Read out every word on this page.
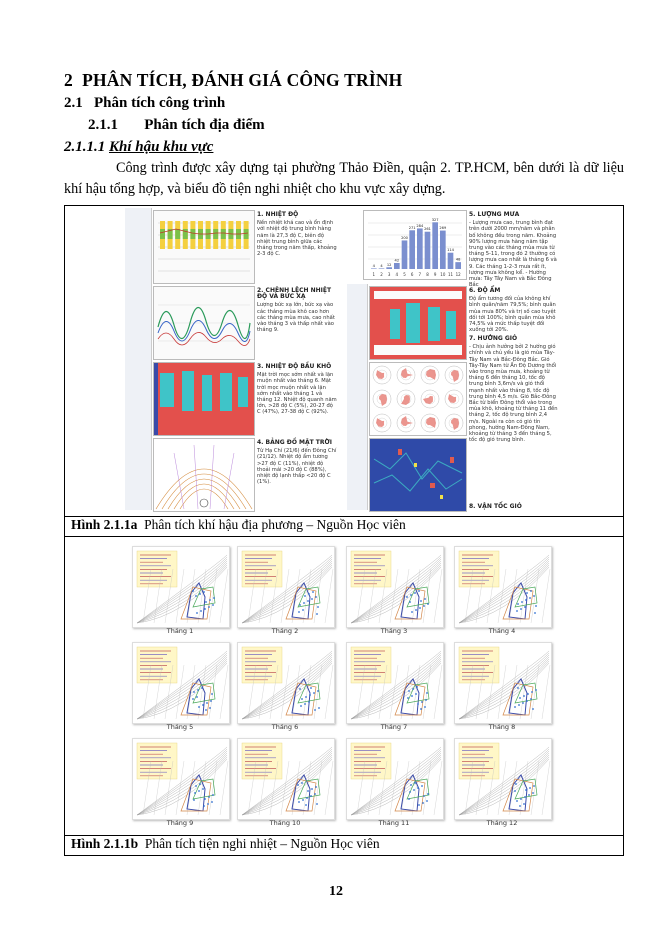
2 PHÂN TÍCH, ĐÁNH GIÁ CÔNG TRÌNH
2.1 Phân tích công trình
2.1.1 Phân tích địa điểm
2.1.1.1 Khí hậu khu vực
Công trình được xây dựng tại phường Thảo Điền, quận 2. TP.HCM, bên dưới là dữ liệu khí hậu tổng hợp, và biểu đồ tiện nghi nhiệt cho khu vực xây dựng.
1. NHIỆT ĐỘ
Nền nhiệt khá cao và ổn định với nhiệt độ trung bình hàng năm là 27,3 độ C, biên độ nhiệt trung bình giữa các tháng trong năm thấp, khoảng 2-3 độ C.
2. CHÊNH LỆCH NHIỆT ĐỘ VÀ BỨC XẠ
Lượng bức xạ lớn, bức xạ vào các tháng mùa khô cao hơn các tháng mùa mưa, cao nhất vào tháng 3 và thấp nhất vào tháng 9.
3. NHIỆT ĐỘ BẦU KHÔ
Mặt trời mọc sớm nhất và lặn muộn nhất vào tháng 6. Mặt trời mọc muộn nhất và lặn sớm nhất vào tháng 1 và tháng 12. Nhiệt độ quanh năm lớn, >28 độ C (5%), 20-27 độ C (47%), 27-38 độ C (92%).
4. BẢNG ĐỒ MẶT TRỜI
Từ Hạ Chí (21/6) đến Đông Chí (21/12). Nhiệt độ ẩm tương >27 độ C (11%), nhiệt độ thoải mái >20 độ C (88%), nhiệt độ lạnh thấp <20 độ C (1%).
4 4 12
42
200
271 284
261
327
269
114
48
1 2 3 4 5 6 7 8 9 10 11 12
5. LƯỢNG MƯA
- Lượng mưa cao, trung bình đạt trên dưới 2000 mm/năm và phân bố không đều trong năm. Khoảng 90% lượng mưa hàng năm tập trung vào các tháng mùa mưa từ tháng 5-11, trong đó 2 thường có lượng mưa cao nhất là tháng 6 và 9. Các tháng 1-2-3 mưa rất ít, lượng mưa không kể. - Hướng mưa: Tây Tây Nam và Bắc Đông Bắc
6. ĐỘ ẨM
Độ ẩm tương đối của không khí bình quân/năm 79,5%; bình quân mùa mưa 80% và trị số cao tuyệt đối tới 100%; bình quân mùa khô 74,5% và mức thấp tuyệt đối xuống tới 20%.
7. HƯỚNG GIÓ
- Chịu ảnh hưởng bởi 2 hướng gió chính và chủ yếu là gió mùa Tây-Tây Nam và Bắc-Đông Bắc. Gió Tây-Tây Nam từ Ấn Độ Dương thổi vào trong mùa mưa, khoảng từ tháng 6 đến tháng 10, tốc độ trung bình 3,6m/s và gió thổi mạnh nhất vào tháng 8, tốc độ trung bình 4,5 m/s. Gió Bắc-Đông Bắc từ biển Đông thổi vào trong mùa khô, khoảng từ tháng 11 đến tháng 2, tốc độ trung bình 2,4 m/s. Ngoài ra còn có gió tín phong, hướng Nam-Đông Nam, khoảng từ tháng 3 đến tháng 5, tốc độ gió trung bình.
8. VẬN TỐC GIÓ
Hình 2.1.1a Phân tích khí hậu địa phương – Nguồn Học viên
Tháng 1	Tháng 2	Tháng 3	Tháng 4
Tháng 5	Tháng 6	Tháng 7	Tháng 8
Tháng 9	Tháng 10	Tháng 11	Tháng 12
Hình 2.1.1b Phân tích tiện nghi nhiệt – Nguồn Học viên
12
